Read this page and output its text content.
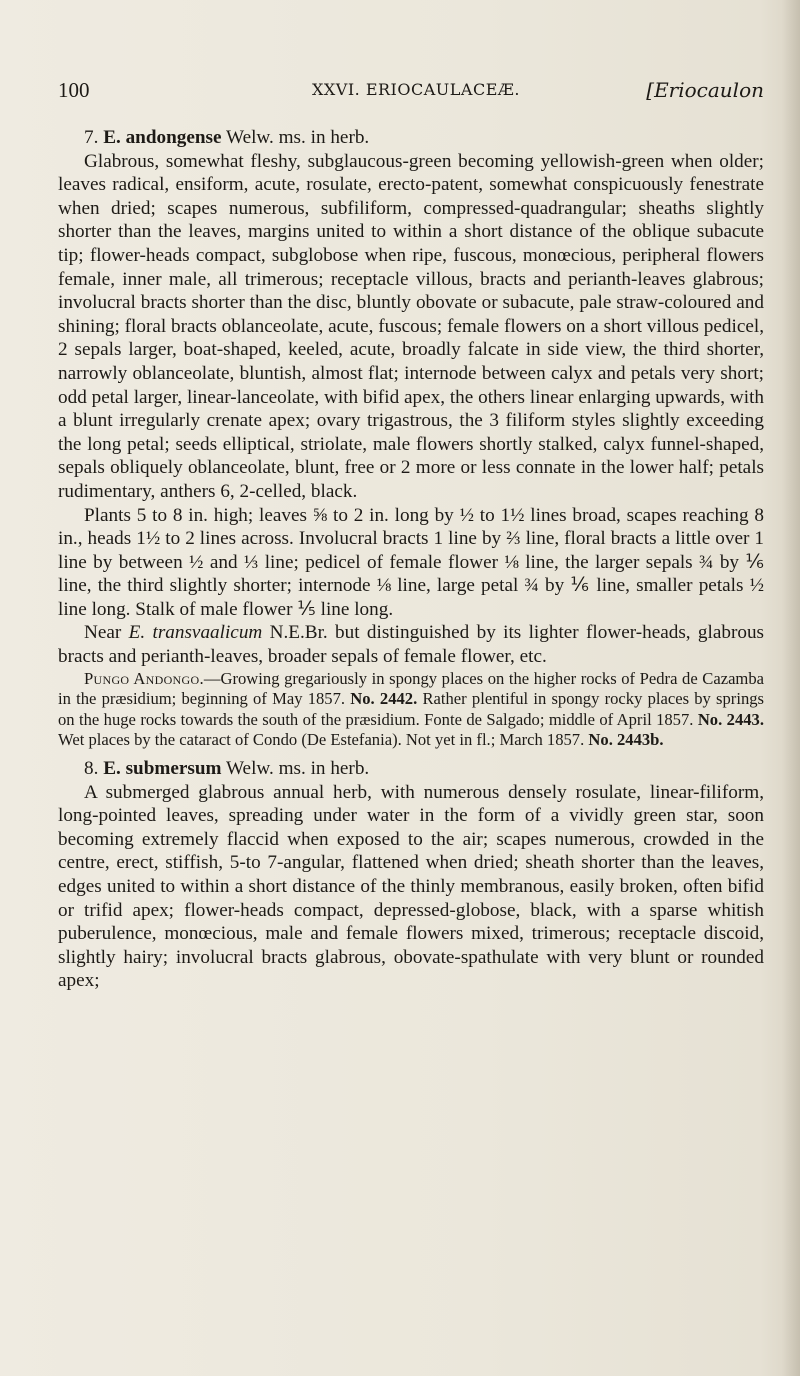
100	XXVI. ERIOCAULACEÆ.	[Eriocaulon

7. E. andongense Welw. ms. in herb.

Glabrous, somewhat fleshy, subglaucous-green becoming yellowish-green when older; leaves radical, ensiform, acute, rosulate, erecto-patent, somewhat conspicuously fenestrate when dried; scapes numerous, subfiliform, compressed-quadrangular; sheaths slightly shorter than the leaves, margins united to within a short distance of the oblique subacute tip; flower-heads compact, subglobose when ripe, fuscous, monœcious, peripheral flowers female, inner male, all trimerous; receptacle villous, bracts and perianth-leaves glabrous; involucral bracts shorter than the disc, bluntly obovate or subacute, pale straw-coloured and shining; floral bracts oblanceolate, acute, fuscous; female flowers on a short villous pedicel, 2 sepals larger, boat-shaped, keeled, acute, broadly falcate in side view, the third shorter, narrowly oblanceolate, bluntish, almost flat; internode between calyx and petals very short; odd petal larger, linear-lanceolate, with bifid apex, the others linear enlarging upwards, with a blunt irregularly crenate apex; ovary trigastrous, the 3 filiform styles slightly exceeding the long petal; seeds elliptical, striolate, male flowers shortly stalked, calyx funnel-shaped, sepals obliquely oblanceolate, blunt, free or 2 more or less connate in the lower half; petals rudimentary, anthers 6, 2-celled, black.

Plants 5 to 8 in. high; leaves ⅝ to 2 in. long by ½ to 1½ lines broad, scapes reaching 8 in., heads 1½ to 2 lines across. Involucral bracts 1 line by ⅔ line, floral bracts a little over 1 line by between ½ and ⅓ line; pedicel of female flower ⅛ line, the larger sepals ¾ by ⅙ line, the third slightly shorter; internode ⅛ line, large petal ¾ by ⅙ line, smaller petals ½ line long. Stalk of male flower ⅕ line long.

Near E. transvaalicum N.E.Br. but distinguished by its lighter flower-heads, glabrous bracts and perianth-leaves, broader sepals of female flower, etc.

Pungo Andongo.—Growing gregariously in spongy places on the higher rocks of Pedra de Cazamba in the præsidium; beginning of May 1857. No. 2442. Rather plentiful in spongy rocky places by springs on the huge rocks towards the south of the præsidium. Fonte de Salgado; middle of April 1857. No. 2443. Wet places by the cataract of Condo (De Estefania). Not yet in fl.; March 1857. No. 2443b.

8. E. submersum Welw. ms. in herb.

A submerged glabrous annual herb, with numerous densely rosulate, linear-filiform, long-pointed leaves, spreading under water in the form of a vividly green star, soon becoming extremely flaccid when exposed to the air; scapes numerous, crowded in the centre, erect, stiffish, 5-to 7-angular, flattened when dried; sheath shorter than the leaves, edges united to within a short distance of the thinly membranous, easily broken, often bifid or trifid apex; flower-heads compact, depressed-globose, black, with a sparse whitish puberulence, monœcious, male and female flowers mixed, trimerous; receptacle discoid, slightly hairy; involucral bracts glabrous, obovate-spathulate with very blunt or rounded apex;
